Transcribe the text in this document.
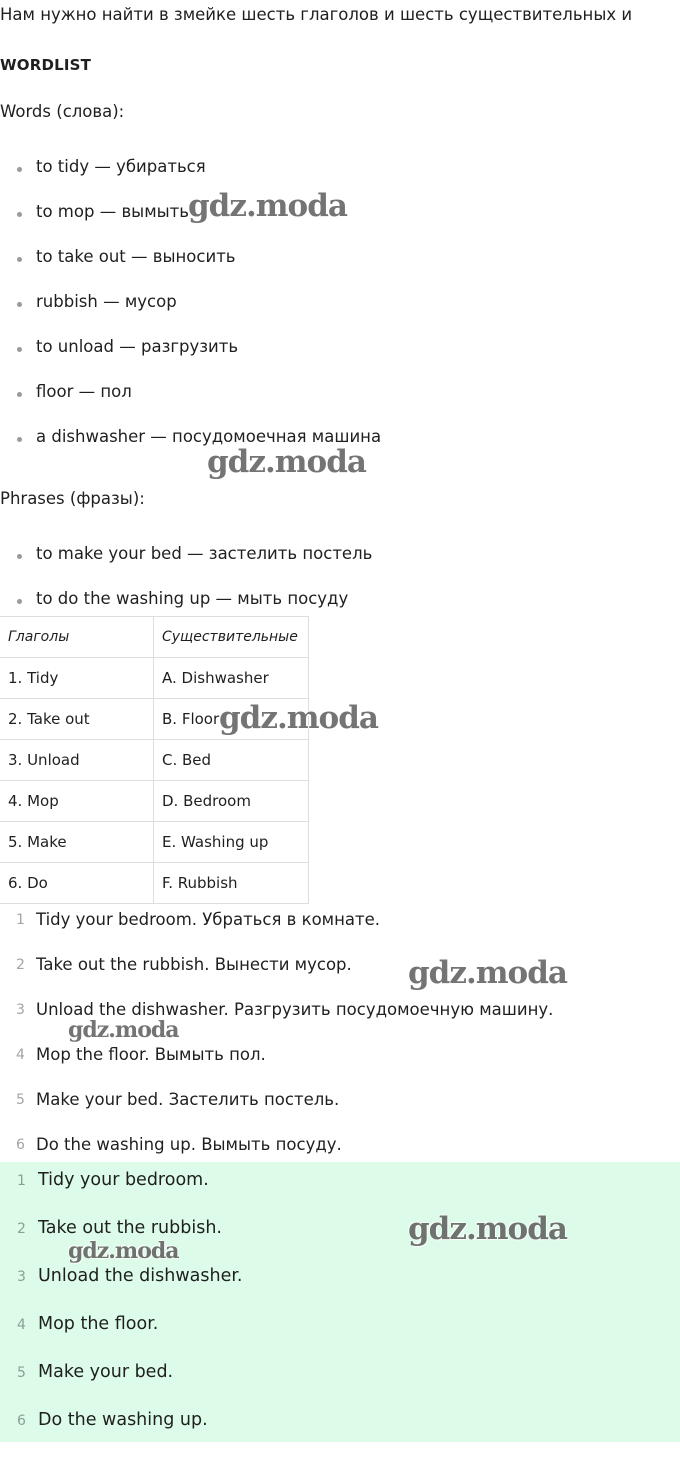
Нам нужно найти в змейке шесть глаголов и шесть существительных и
WORDLIST
Words (слова):
to tidy — убираться
to mop — вымыть
to take out — выносить
rubbish — мусор
to unload — разгрузить
floor — пол
a dishwasher — посудомоечная машина
Phrases (фразы):
to make your bed — застелить постель
to do the washing up — мыть посуду
Глаголы	Существительные
1. Tidy	A. Dishwasher
2. Take out	B. Floor
3. Unload	C. Bed
4. Mop	D. Bedroom
5. Make	E. Washing up
6. Do	F. Rubbish
1 Tidy your bedroom. Убраться в комнате.
2 Take out the rubbish. Вынести мусор.
3 Unload the dishwasher. Разгрузить посудомоечную машину.
4 Mop the floor. Вымыть пол.
5 Make your bed. Застелить постель.
6 Do the washing up. Вымыть посуду.
1 Tidy your bedroom.
2 Take out the rubbish.
3 Unload the dishwasher.
4 Mop the floor.
5 Make your bed.
6 Do the washing up.
gdz.moda
gdz.moda
gdz.moda
gdz.moda
gdz.moda
gdz.moda
gdz.moda
